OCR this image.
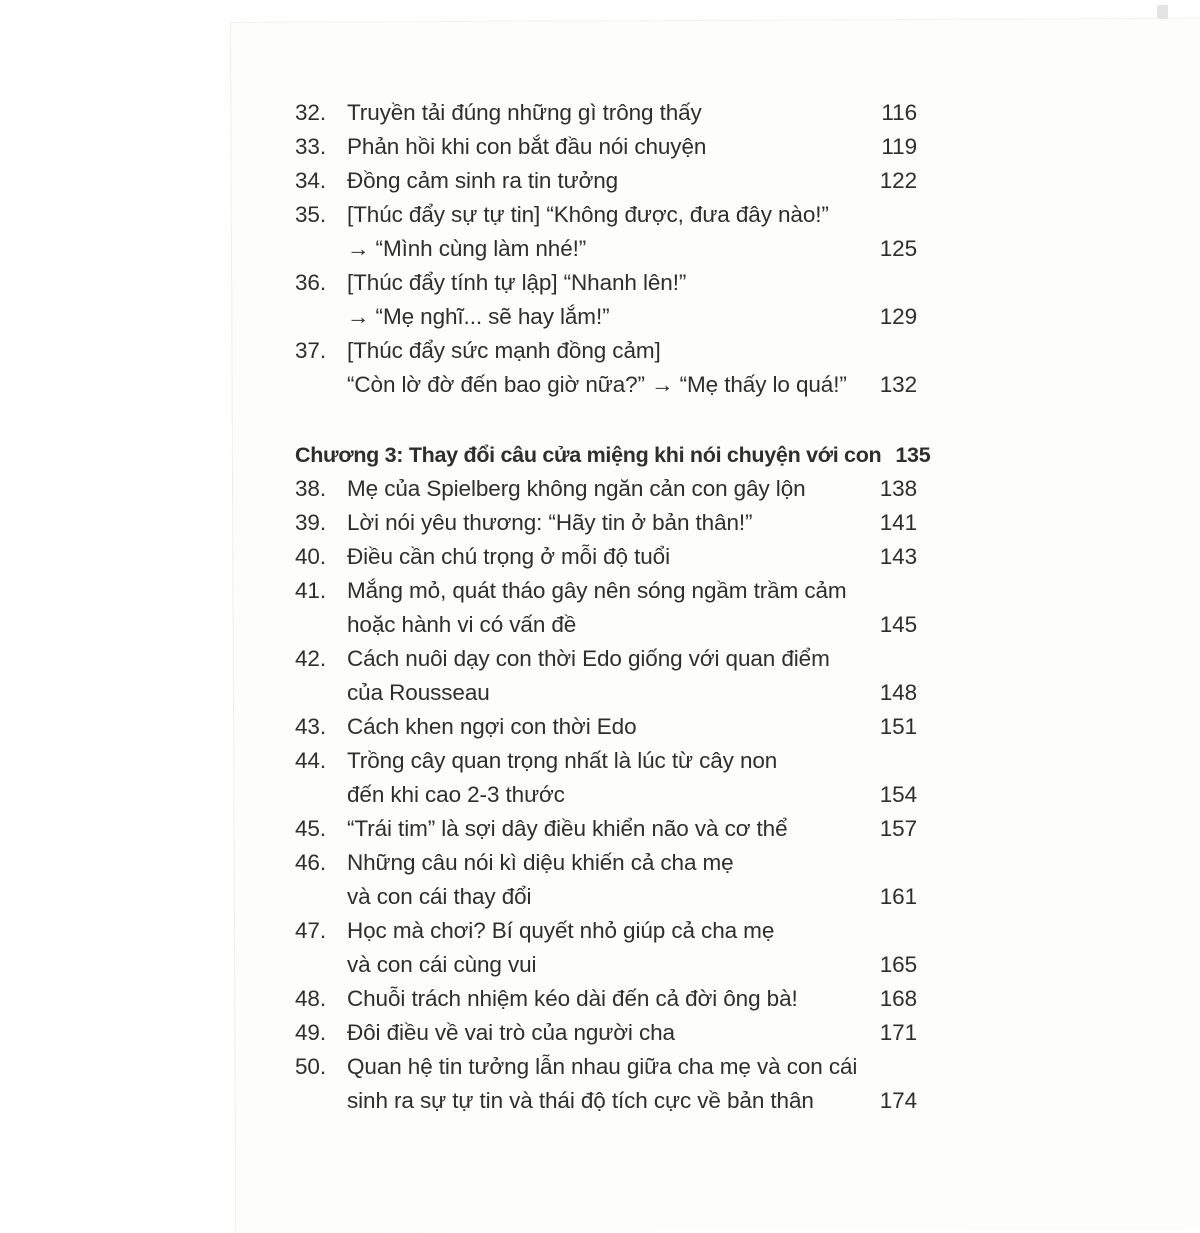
32. Truyền tải đúng những gì trông thấy	116
33. Phản hồi khi con bắt đầu nói chuyện	119
34. Đồng cảm sinh ra tin tưởng	122
35. [Thúc đẩy sự tự tin] “Không được, đưa đây nào!”
→ “Mình cùng làm nhé!”	125
36. [Thúc đẩy tính tự lập] “Nhanh lên!”
→ “Mẹ nghĩ... sẽ hay lắm!”	129
37. [Thúc đẩy sức mạnh đồng cảm]
“Còn lờ đờ đến bao giờ nữa?” → “Mẹ thấy lo quá!”	132
Chương 3: Thay đổi câu cửa miệng khi nói chuyện với con 135
38. Mẹ của Spielberg không ngăn cản con gây lộn	138
39. Lời nói yêu thương: “Hãy tin ở bản thân!”	141
40. Điều cần chú trọng ở mỗi độ tuổi	143
41. Mắng mỏ, quát tháo gây nên sóng ngầm trầm cảm
hoặc hành vi có vấn đề	145
42. Cách nuôi dạy con thời Edo giống với quan điểm
của Rousseau	148
43. Cách khen ngợi con thời Edo	151
44. Trồng cây quan trọng nhất là lúc từ cây non
đến khi cao 2-3 thước	154
45. “Trái tim” là sợi dây điều khiển não và cơ thể	157
46. Những câu nói kì diệu khiến cả cha mẹ
và con cái thay đổi	161
47. Học mà chơi? Bí quyết nhỏ giúp cả cha mẹ
và con cái cùng vui	165
48. Chuỗi trách nhiệm kéo dài đến cả đời ông bà!	168
49. Đôi điều về vai trò của người cha	171
50. Quan hệ tin tưởng lẫn nhau giữa cha mẹ và con cái
sinh ra sự tự tin và thái độ tích cực về bản thân	174
